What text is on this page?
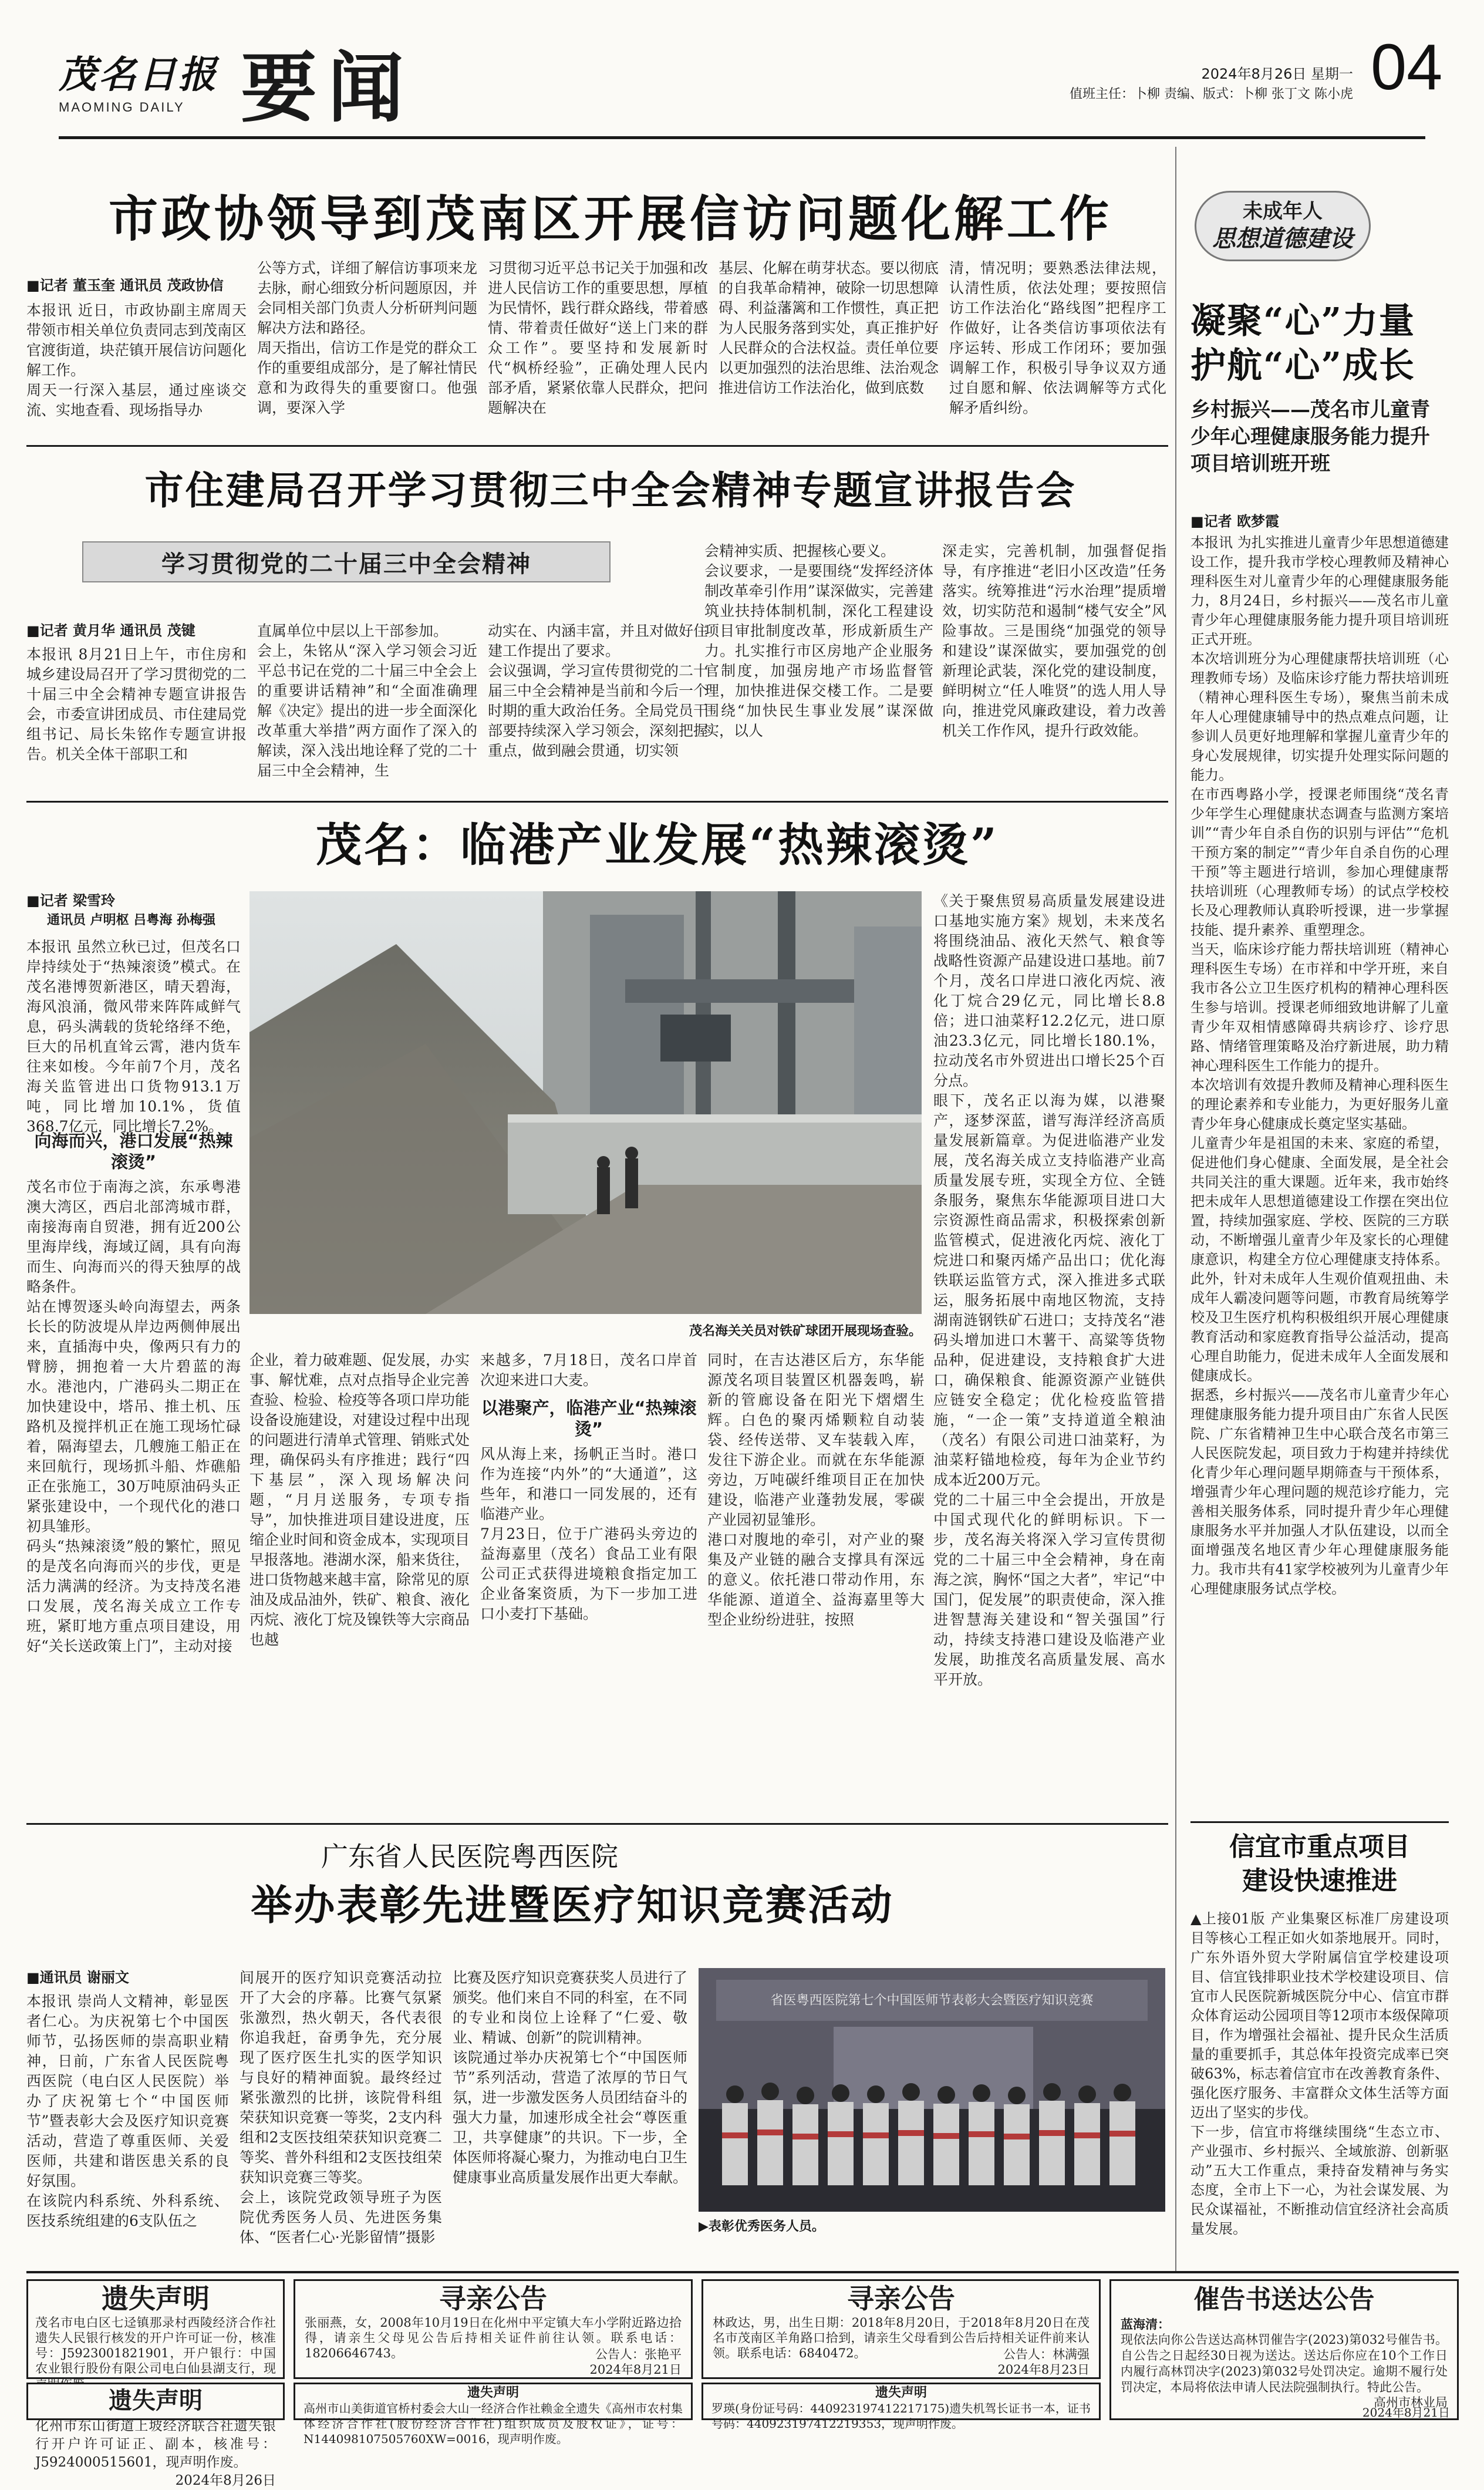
茂名日报
MAOMING DAILY 要闻	2024年8月26日 星期一
值班主任：卜柳 责编、版式：卜柳 张丁文 陈小虎 04
市政协领导到茂南区开展信访问题化解工作
■记者 董玉奎 通讯员 茂政协信
本报讯 近日，市政协副主席周天带领市相关单位负责同志到茂南区官渡街道，块茫镇开展信访问题化解工作。
周天一行深入基层，通过座谈交流、实地查看、现场指导办
公等方式，详细了解信访事项来龙去脉，耐心细致分析问题原因，并会同相关部门负责人分析研判问题解决方法和路径。
周天指出，信访工作是党的群众工作的重要组成部分，是了解社情民意和为政得失的重要窗口。他强调，要深入学
习贯彻习近平总书记关于加强和改进人民信访工作的重要思想，厚植为民情怀，践行群众路线，带着感情、带着责任做好“送上门来的群众工作”。要坚持和发展新时代“枫桥经验”，正确处理人民内部矛盾，紧紧依靠人民群众，把问题解决在
基层、化解在萌芽状态。要以彻底的自我革命精神，破除一切思想障碍、利益藩篱和工作惯性，真正把为人民服务落到实处，真正推护好人民群众的合法权益。责任单位要以更加强烈的法治思维、法治观念推进信访工作法治化，做到底数
清，情况明；要熟悉法律法规，认清性质，依法处理；要按照信访工作法治化“路线图”把程序工作做好，让各类信访事项依法有序运转、形成工作闭环；要加强调解工作，积极引导争议双方通过自愿和解、依法调解等方式化解矛盾纠纷。
市住建局召开学习贯彻三中全会精神专题宣讲报告会
学习贯彻党的二十届三中全会精神
■记者 黄月华 通讯员 茂键
本报讯 8月21日上午，市住房和城乡建设局召开了学习贯彻党的二十届三中全会精神专题宣讲报告会，市委宣讲团成员、市住建局党组书记、局长朱铭作专题宣讲报告。机关全体干部职工和
直属单位中层以上干部参加。
会上，朱铭从“深入学习领会习近平总书记在党的二十届三中全会上的重要讲话精神”和“全面准确理解《决定》提出的进一步全面深化改革重大举措”两方面作了深入的解读，深入浅出地诠释了党的二十届三中全会精神，生
动实在、内涵丰富，并且对做好住建工作提出了要求。
会议强调，学习宣传贯彻党的二十届三中全会精神是当前和今后一个时期的重大政治任务。全局党员干部要持续深入学习领会，深刻把握重点，做到融会贯通，切实领
会精神实质、把握核心要义。
会议要求，一是要围绕“发挥经济体制改革牵引作用”谋深做实，完善建筑业扶持体制机制，深化工程建设项目审批制度改革，形成新质生产力。扎实推行市区房地产企业服务官制度，加强房地产市场监督管理，加快推进保交楼工作。二是要围绕“加快民生事业发展”谋深做实，以人
深走实，完善机制，加强督促指导，有序推进“老旧小区改造”任务落实。统筹推进“污水治理”提质增效，切实防范和遏制“楼气安全”风险事故。三是围绕“加强党的领导和建设”谋深做实，要加强党的创新理论武装，深化党的建设制度，鲜明树立“任人唯贤”的选人用人导向，推进党风廉政建设，着力改善机关工作作风，提升行政效能。
茂名：临港产业发展“热辣滚烫”
■记者 梁雪玲
通讯员 卢明枢 吕粤海 孙梅强
本报讯 虽然立秋已过，但茂名口岸持续处于“热辣滚烫”模式。在茂名港博贺新港区，晴天碧海，海风浪涌，微风带来阵阵咸鲜气息，码头满载的货轮络绎不绝，巨大的吊机直耸云霄，港内货车往来如梭。今年前7个月，茂名海关监管进出口货物913.1万吨，同比增加10.1%，货值368.7亿元，同比增长7.2%。
向海而兴，港口发展“热辣滚烫”
茂名市位于南海之滨，东承粤港澳大湾区，西启北部湾城市群，南接海南自贸港，拥有近200公里海岸线，海域辽阔，具有向海而生、向海而兴的得天独厚的战略条件。
站在博贺逐头岭向海望去，两条长长的防波堤从岸边两侧伸展出来，直插海中央，像两只有力的臂膀，拥抱着一大片碧蓝的海水。港池内，广港码头二期正在加快建设中，塔吊、推土机、压路机及搅拌机正在施工现场忙碌着，隔海望去，几艘施工船正在来回航行，现场抓斗船、炸礁船正在张施工，30万吨原油码头正紧张建设中，一个现代化的港口初具雏形。
码头“热辣滚烫”般的繁忙，照见的是茂名向海而兴的步伐，更是活力满满的经济。为支持茂名港口发展，茂名海关成立工作专班，紧盯地方重点项目建设，用好“关长送政策上门”，主动对接
茂名海关关员对铁矿球团开展现场查验。
企业，着力破难题、促发展，办实事、解忧难，点对点指导企业完善查验、检验、检疫等各项口岸功能设备设施建设，对建设过程中出现的问题进行清单式管理、销账式处理，确保码头有序推进；践行“四下基层”，深入现场解决问题，“月月送服务，专项专指导”，加快推进项目建设进度，压缩企业时间和资金成本，实现项目早报落地。港湖水深，船来货往，进口货物越来越丰富，除常见的原油及成品油外，铁矿、粮食、液化丙烷、液化丁烷及镍铁等大宗商品也越
来越多，7月18日，茂名口岸首次迎来进口大麦。
以港聚产，临港产业“热辣滚烫”
风从海上来，扬帆正当时。港口作为连接“内外”的“大通道”，这些年，和港口一同发展的，还有临港产业。
7月23日，位于广港码头旁边的益海嘉里（茂名）食品工业有限公司正式获得进境粮食指定加工企业备案资质，为下一步加工进口小麦打下基础。
同时，在吉达港区后方，东华能源茂名项目装置区机器轰鸣，崭新的管廊设备在阳光下熠熠生辉。白色的聚丙烯颗粒自动装袋、经传送带、叉车装载入库，发往下游企业。而就在东华能源旁边，万吨碳纤维项目正在加快建设，临港产业蓬勃发展，零碳产业园初显雏形。
港口对腹地的牵引，对产业的聚集及产业链的融合支撑具有深远的意义。依托港口带动作用，东华能源、道道全、益海嘉里等大型企业纷纷进驻，按照
《关于聚焦贸易高质量发展建设进口基地实施方案》规划，未来茂名将围绕油品、液化天然气、粮食等战略性资源产品建设进口基地。前7个月，茂名口岸进口液化丙烷、液化丁烷合29亿元，同比增长8.8倍；进口油菜籽12.2亿元，进口原油23.3亿元，同比增长180.1%，拉动茂名市外贸进出口增长25个百分点。
眼下，茂名正以海为媒，以港聚产，逐梦深蓝，谱写海洋经济高质量发展新篇章。为促进临港产业发展，茂名海关成立支持临港产业高质量发展专班，实现全方位、全链条服务，聚焦东华能源项目进口大宗资源性商品需求，积极探索创新监管模式，促进液化丙烷、液化丁烷进口和聚丙烯产品出口；优化海铁联运监管方式，深入推进多式联运，服务拓展中南地区物流，支持湖南涟钢铁矿石进口；支持茂名“港码头增加进口木薯干、高粱等货物品种，促进建设，支持粮食扩大进口，确保粮食、能源资源产业链供应链安全稳定；优化检疫监管措施，“一企一策”支持道道全粮油（茂名）有限公司进口油菜籽，为油菜籽锚地检疫，每年为企业节约成本近200万元。
党的二十届三中全会提出，开放是中国式现代化的鲜明标识。下一步，茂名海关将深入学习宣传贯彻党的二十届三中全会精神，身在南海之滨，胸怀“国之大者”，牢记“中国门，促发展”的职责使命，深入推进智慧海关建设和“智关强国”行动，持续支持港口建设及临港产业发展，助推茂名高质量发展、高水平开放。
广东省人民医院粤西医院
举办表彰先进暨医疗知识竞赛活动
■通讯员 谢丽文
本报讯 崇尚人文精神，彰显医者仁心。为庆祝第七个中国医师节，弘扬医师的崇高职业精神，日前，广东省人民医院粤西医院（电白区人民医院）举办了庆祝第七个“中国医师节”暨表彰大会及医疗知识竞赛活动，营造了尊重医师、关爱医师，共建和谐医患关系的良好氛围。
在该院内科系统、外科系统、医技系统组建的6支队伍之
间展开的医疗知识竞赛活动拉开了大会的序幕。比赛气氛紧张激烈，热火朝天，各代表很你追我赶，奋勇争先，充分展现了医疗医生扎实的医学知识与良好的精神面貌。最终经过紧张激烈的比拼，该院骨科组荣获知识竞赛一等奖，2支内科组和2支医技组荣获知识竞赛二等奖、普外科组和2支医技组荣获知识竞赛三等奖。
会上，该院党政领导班子为医院优秀医务人员、先进医务集体、“医者仁心·光影留情”摄影
比赛及医疗知识竞赛获奖人员进行了颁奖。他们来自不同的科室，在不同的专业和岗位上诠释了“仁爱、敬业、精诚、创新”的院训精神。
该院通过举办庆祝第七个“中国医师节”系列活动，营造了浓厚的节日气氛，进一步激发医务人员团结奋斗的强大力量，加速形成全社会“尊医重卫，共享健康”的共识。下一步，全体医师将凝心聚力，为推动电白卫生健康事业高质量发展作出更大奉献。
省医粤西医院第七个中国医师节表彰大会暨医疗知识竞赛
▶表彰优秀医务人员。
未成年人
思想道德建设
凝聚“心”力量
护航“心”成长
乡村振兴——茂名市儿童青少年心理健康服务能力提升项目培训班开班
■记者 欧梦霞
本报讯 为扎实推进儿童青少年思想道德建设工作，提升我市学校心理教师及精神心理科医生对儿童青少年的心理健康服务能力，8月24日，乡村振兴——茂名市儿童青少年心理健康服务能力提升项目培训班正式开班。
本次培训班分为心理健康帮扶培训班（心理教师专场）及临床诊疗能力帮扶培训班（精神心理科医生专场），聚焦当前未成年人心理健康辅导中的热点难点问题，让参训人员更好地理解和掌握儿童青少年的身心发展规律，切实提升处理实际问题的能力。
在市西粤路小学，授课老师围绕“茂名青少年学生心理健康状态调查与监测方案培训”“青少年自杀自伤的识别与评估”“危机干预方案的制定”“青少年自杀自伤的心理干预”等主题进行培训，参加心理健康帮扶培训班（心理教师专场）的试点学校校长及心理教师认真聆听授课，进一步掌握技能、提升素养、重塑理念。
当天，临床诊疗能力帮扶培训班（精神心理科医生专场）在市祥和中学开班，来自我市各公立卫生医疗机构的精神心理科医生参与培训。授课老师细致地讲解了儿童青少年双相情感障碍共病诊疗、诊疗思路、情绪管理策略及治疗新进展，助力精神心理科医生工作能力的提升。
本次培训有效提升教师及精神心理科医生的理论素养和专业能力，为更好服务儿童青少年身心健康成长奠定坚实基础。
儿童青少年是祖国的未来、家庭的希望，促进他们身心健康、全面发展，是全社会共同关注的重大课题。近年来，我市始终把未成年人思想道德建设工作摆在突出位置，持续加强家庭、学校、医院的三方联动，不断增强儿童青少年及家长的心理健康意识，构建全方位心理健康支持体系。此外，针对未成年人生观价值观扭曲、未成年人霸凌问题等问题，市教育局统筹学校及卫生医疗机构积极组织开展心理健康教育活动和家庭教育指导公益活动，提高心理自助能力，促进未成年人全面发展和健康成长。
据悉，乡村振兴——茂名市儿童青少年心理健康服务能力提升项目由广东省人民医院、广东省精神卫生中心联合茂名市第三人民医院发起，项目致力于构建并持续优化青少年心理问题早期筛查与干预体系，增强青少年心理问题的规范诊疗能力，完善相关服务体系，同时提升青少年心理健康服务水平并加强人才队伍建设，以而全面增强茂名地区青少年心理健康服务能力。我市共有41家学校被列为儿童青少年心理健康服务试点学校。
信宜市重点项目
建设快速推进
▲上接01版 产业集聚区标准厂房建设项目等核心工程正如火如荼地展开。同时，广东外语外贸大学附属信宜学校建设项目、信宜钱排职业技术学校建设项目、信宜市人民医院新城医院分中心、信宜市群众体育运动公园项目等12项市本级保障项目，作为增强社会福祉、提升民众生活质量的重要抓手，其总体年投资完成率已突破63%，标志着信宜市在改善教育条件、强化医疗服务、丰富群众文体生活等方面迈出了坚实的步伐。
下一步，信宜市将继续围绕“生态立市、产业强市、乡村振兴、全域旅游、创新驱动”五大工作重点，秉持奋发精神与务实态度，全市上下一心，为社会谋发展、为民众谋福祉，不断推动信宜经济社会高质量发展。
遗失声明
茂名市电白区七迳镇那录村西陵经济合作社遗失人民银行核发的开户许可证一份，核准号：J5923001821901，开户银行：中国农业银行股份有限公司电白仙县湖支行，现
遗失声明
化州市东山街道上坡经济联合社遗失银行开户许可证正、副本，核准号：J5924000515601，现声明作废。
2024年8月26日
寻亲公告
张丽燕，女，2008年10月19日在化州中平定镇大车小学附近路边拾得，请亲生父母见公告后持相关证件前往认领。联系电话：18206646743。	公告人：张艳平
2024年8月21日
寻亲公告
林政达，男，出生日期：2018年8月20日，于2018年8月20日在茂名市茂南区羊角路口拾到，请亲生父母看到公告后持相关证件前来认领。联系电话：6840472。	公告人：林满强
2024年8月23日
遗失声明
高州市山美街道官桥村委会大山一经济合作社赖金全遗失《高州市农村集体经济合作社(股份经济合作社)组织成员及股权证》，证号：N1440981075057​60XW=0016，现声明作废。
遗失声明
罗瑛(身份证号码：440923197412217175)遗失机驾长证书一本，证书号码：440923197412219353，现声明作废。
催告书送达公告
蓝海清：
现依法向你公告送达高林罚催告字(2023)第032号催告书。自公告之日起经30日视为送达。送达后你应在10个工作日内履行高林罚决字(2023)第032号处罚决定。逾期不履行处罚决定，本局将依法申请人民法院强制执行。特此公告。
高州市林业局
2024年8月21日
